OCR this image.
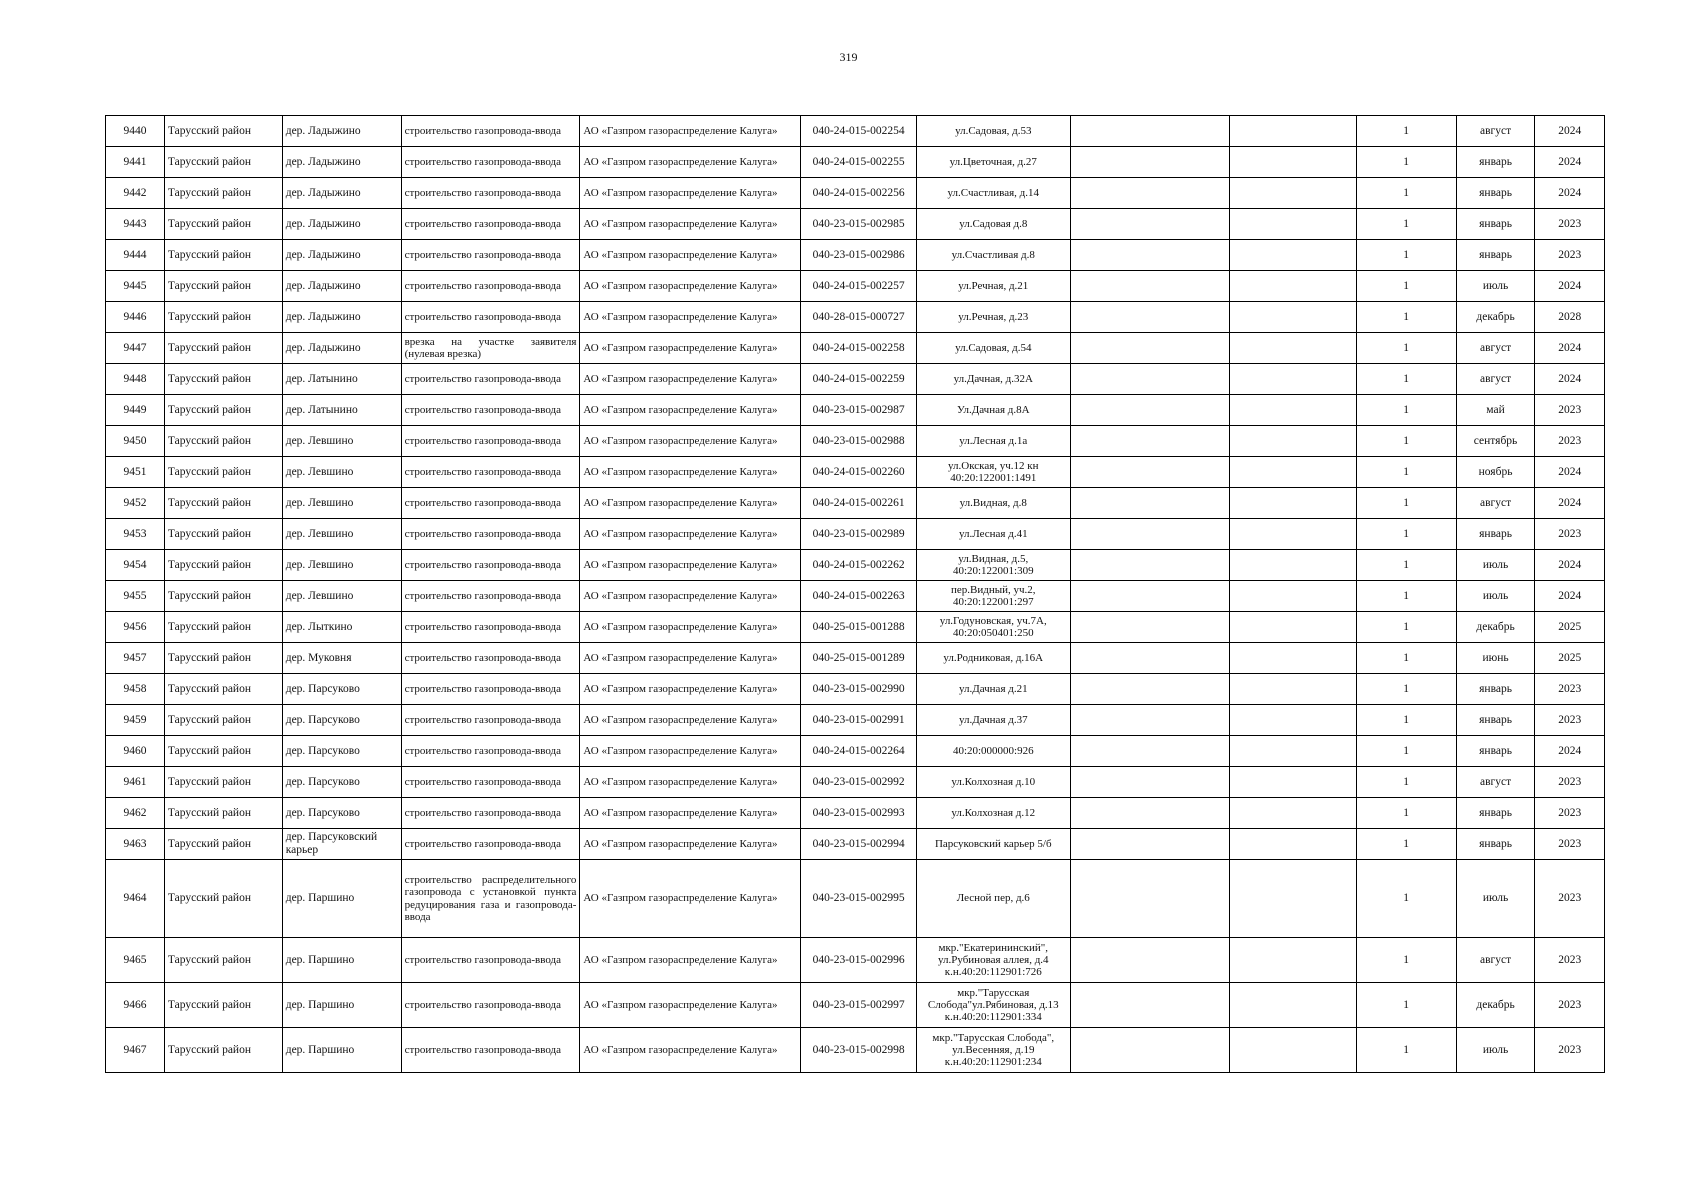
319
9440	Тарусский район	дер. Ладыжино	строительство газопровода-ввода	АО «Газпром газораспределение Калуга»	040-24-015-002254	ул.Садовая, д.53			1	август	2024
9441	Тарусский район	дер. Ладыжино	строительство газопровода-ввода	АО «Газпром газораспределение Калуга»	040-24-015-002255	ул.Цветочная, д.27			1	январь	2024
9442	Тарусский район	дер. Ладыжино	строительство газопровода-ввода	АО «Газпром газораспределение Калуга»	040-24-015-002256	ул.Счастливая, д.14			1	январь	2024
9443	Тарусский район	дер. Ладыжино	строительство газопровода-ввода	АО «Газпром газораспределение Калуга»	040-23-015-002985	ул.Садовая д.8			1	январь	2023
9444	Тарусский район	дер. Ладыжино	строительство газопровода-ввода	АО «Газпром газораспределение Калуга»	040-23-015-002986	ул.Счастливая д.8			1	январь	2023
9445	Тарусский район	дер. Ладыжино	строительство газопровода-ввода	АО «Газпром газораспределение Калуга»	040-24-015-002257	ул.Речная, д.21			1	июль	2024
9446	Тарусский район	дер. Ладыжино	строительство газопровода-ввода	АО «Газпром газораспределение Калуга»	040-28-015-000727	ул.Речная, д.23			1	декабрь	2028
9447	Тарусский район	дер. Ладыжино	врезка на участке заявителя (нулевая врезка)	АО «Газпром газораспределение Калуга»	040-24-015-002258	ул.Садовая, д.54			1	август	2024
9448	Тарусский район	дер. Латынино	строительство газопровода-ввода	АО «Газпром газораспределение Калуга»	040-24-015-002259	ул.Дачная, д.32А			1	август	2024
9449	Тарусский район	дер. Латынино	строительство газопровода-ввода	АО «Газпром газораспределение Калуга»	040-23-015-002987	Ул.Дачная д.8А			1	май	2023
9450	Тарусский район	дер. Левшино	строительство газопровода-ввода	АО «Газпром газораспределение Калуга»	040-23-015-002988	ул.Лесная д.1а			1	сентябрь	2023
9451	Тарусский район	дер. Левшино	строительство газопровода-ввода	АО «Газпром газораспределение Калуга»	040-24-015-002260	ул.Окская, уч.12 кн 40:20:122001:1491			1	ноябрь	2024
9452	Тарусский район	дер. Левшино	строительство газопровода-ввода	АО «Газпром газораспределение Калуга»	040-24-015-002261	ул.Видная, д.8			1	август	2024
9453	Тарусский район	дер. Левшино	строительство газопровода-ввода	АО «Газпром газораспределение Калуга»	040-23-015-002989	ул.Лесная д.41			1	январь	2023
9454	Тарусский район	дер. Левшино	строительство газопровода-ввода	АО «Газпром газораспределение Калуга»	040-24-015-002262	ул.Видная, д.5, 40:20:122001:309			1	июль	2024
9455	Тарусский район	дер. Левшино	строительство газопровода-ввода	АО «Газпром газораспределение Калуга»	040-24-015-002263	пер.Видный, уч.2, 40:20:122001:297			1	июль	2024
9456	Тарусский район	дер. Лыткино	строительство газопровода-ввода	АО «Газпром газораспределение Калуга»	040-25-015-001288	ул.Годуновская, уч.7А, 40:20:050401:250			1	декабрь	2025
9457	Тарусский район	дер. Муковня	строительство газопровода-ввода	АО «Газпром газораспределение Калуга»	040-25-015-001289	ул.Родниковая, д.16А			1	июнь	2025
9458	Тарусский район	дер. Парсуково	строительство газопровода-ввода	АО «Газпром газораспределение Калуга»	040-23-015-002990	ул.Дачная д.21			1	январь	2023
9459	Тарусский район	дер. Парсуково	строительство газопровода-ввода	АО «Газпром газораспределение Калуга»	040-23-015-002991	ул.Дачная д.37			1	январь	2023
9460	Тарусский район	дер. Парсуково	строительство газопровода-ввода	АО «Газпром газораспределение Калуга»	040-24-015-002264	40:20:000000:926			1	январь	2024
9461	Тарусский район	дер. Парсуково	строительство газопровода-ввода	АО «Газпром газораспределение Калуга»	040-23-015-002992	ул.Колхозная д.10			1	август	2023
9462	Тарусский район	дер. Парсуково	строительство газопровода-ввода	АО «Газпром газораспределение Калуга»	040-23-015-002993	ул.Колхозная д.12			1	январь	2023
9463	Тарусский район	дер. Парсуковский карьер	строительство газопровода-ввода	АО «Газпром газораспределение Калуга»	040-23-015-002994	Парсуковский карьер 5/б			1	январь	2023
9464	Тарусский район	дер. Паршино	строительство распределительного газопровода с установкой пункта редуцирования газа и газопровода-ввода	АО «Газпром газораспределение Калуга»	040-23-015-002995	Лесной пер, д.6			1	июль	2023
9465	Тарусский район	дер. Паршино	строительство газопровода-ввода	АО «Газпром газораспределение Калуга»	040-23-015-002996	мкр."Екатерининский", ул.Рубиновая аллея, д.4 к.н.40:20:112901:726			1	август	2023
9466	Тарусский район	дер. Паршино	строительство газопровода-ввода	АО «Газпром газораспределение Калуга»	040-23-015-002997	мкр."Тарусская Слобода"ул.Рябиновая, д.13 к.н.40:20:112901:334			1	декабрь	2023
9467	Тарусский район	дер. Паршино	строительство газопровода-ввода	АО «Газпром газораспределение Калуга»	040-23-015-002998	мкр."Тарусская Слобода", ул.Весенняя, д.19 к.н.40:20:112901:234			1	июль	2023
